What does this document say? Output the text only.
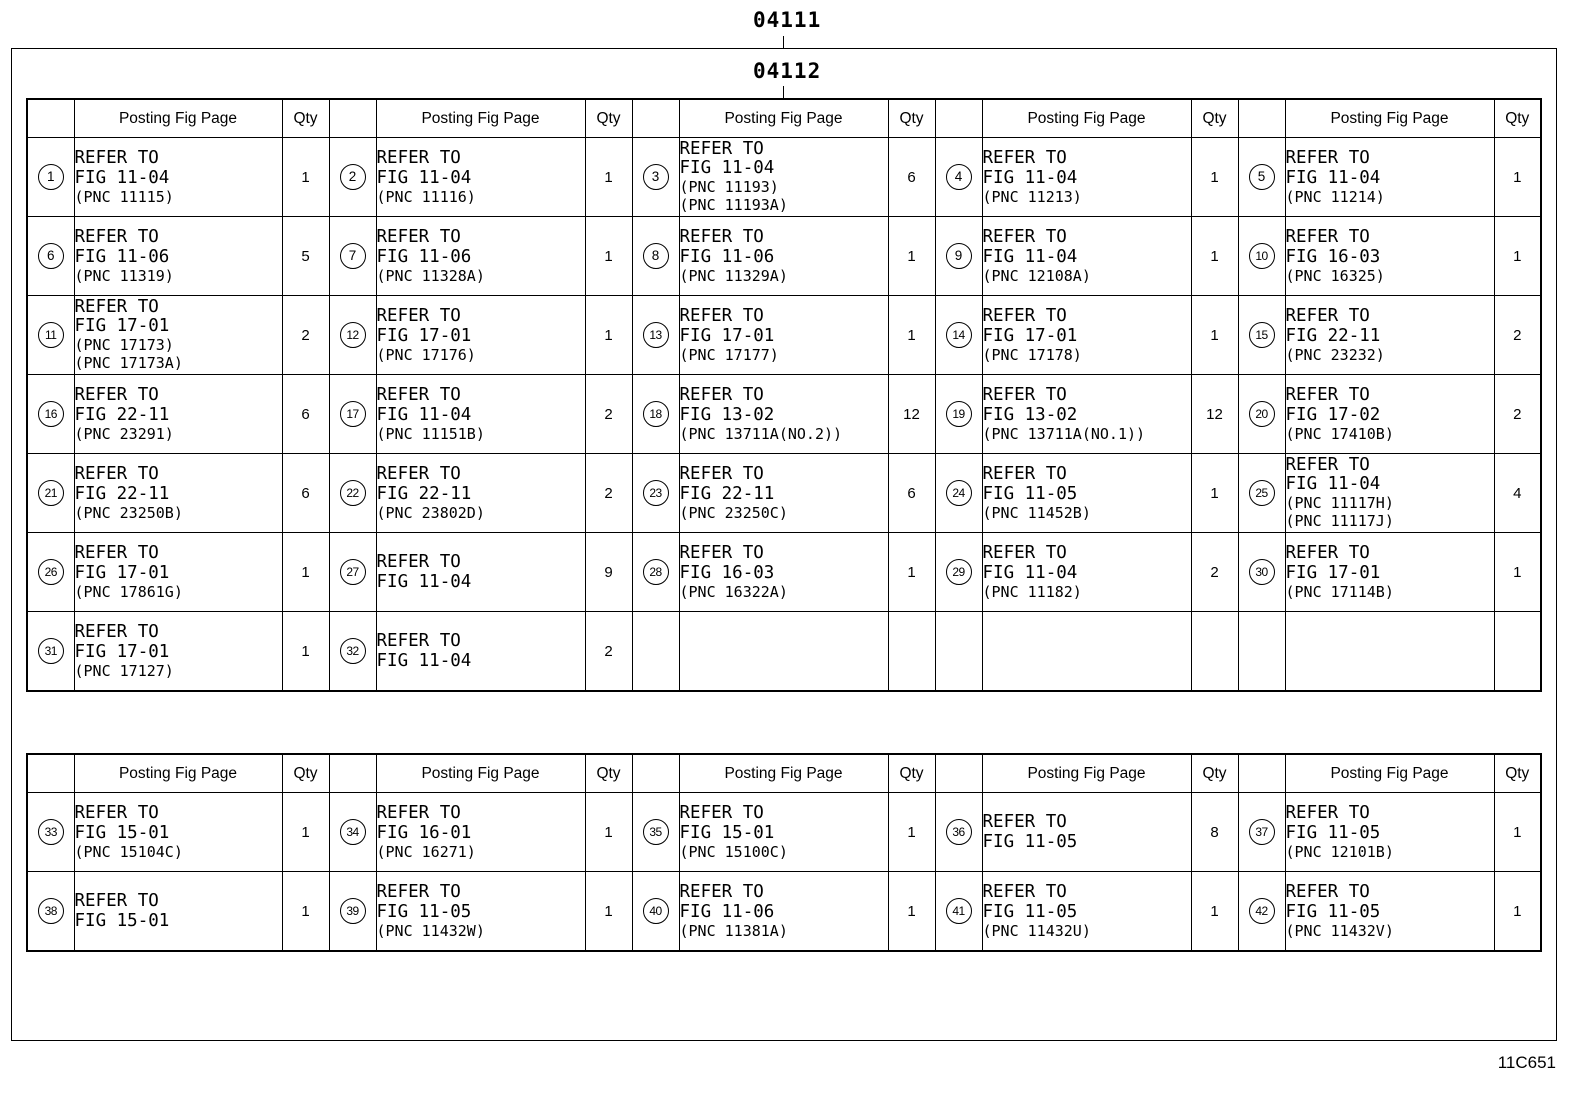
04111
04112
	Posting Fig Page	Qty		Posting Fig Page	Qty		Posting Fig Page	Qty		Posting Fig Page	Qty		Posting Fig Page	Qty
1	REFER TO
FIG 11-04
(PNC 11115)	1	2	REFER TO
FIG 11-04
(PNC 11116)	1	3	REFER TO
FIG 11-04
(PNC 11193)
(PNC 11193A)	6	4	REFER TO
FIG 11-04
(PNC 11213)	1	5	REFER TO
FIG 11-04
(PNC 11214)	1
6	REFER TO
FIG 11-06
(PNC 11319)	5	7	REFER TO
FIG 11-06
(PNC 11328A)	1	8	REFER TO
FIG 11-06
(PNC 11329A)	1	9	REFER TO
FIG 11-04
(PNC 12108A)	1	10	REFER TO
FIG 16-03
(PNC 16325)	1
11	REFER TO
FIG 17-01
(PNC 17173)
(PNC 17173A)	2	12	REFER TO
FIG 17-01
(PNC 17176)	1	13	REFER TO
FIG 17-01
(PNC 17177)	1	14	REFER TO
FIG 17-01
(PNC 17178)	1	15	REFER TO
FIG 22-11
(PNC 23232)	2
16	REFER TO
FIG 22-11
(PNC 23291)	6	17	REFER TO
FIG 11-04
(PNC 11151B)	2	18	REFER TO
FIG 13-02
(PNC 13711A(NO.2))	12	19	REFER TO
FIG 13-02
(PNC 13711A(NO.1))	12	20	REFER TO
FIG 17-02
(PNC 17410B)	2
21	REFER TO
FIG 22-11
(PNC 23250B)	6	22	REFER TO
FIG 22-11
(PNC 23802D)	2	23	REFER TO
FIG 22-11
(PNC 23250C)	6	24	REFER TO
FIG 11-05
(PNC 11452B)	1	25	REFER TO
FIG 11-04
(PNC 11117H)
(PNC 11117J)	4
26	REFER TO
FIG 17-01
(PNC 17861G)	1	27	REFER TO
FIG 11-04	9	28	REFER TO
FIG 16-03
(PNC 16322A)	1	29	REFER TO
FIG 11-04
(PNC 11182)	2	30	REFER TO
FIG 17-01
(PNC 17114B)	1
31	REFER TO
FIG 17-01
(PNC 17127)	1	32	REFER TO
FIG 11-04	2									
	Posting Fig Page	Qty		Posting Fig Page	Qty		Posting Fig Page	Qty		Posting Fig Page	Qty		Posting Fig Page	Qty
33	REFER TO
FIG 15-01
(PNC 15104C)	1	34	REFER TO
FIG 16-01
(PNC 16271)	1	35	REFER TO
FIG 15-01
(PNC 15100C)	1	36	REFER TO
FIG 11-05	8	37	REFER TO
FIG 11-05
(PNC 12101B)	1
38	REFER TO
FIG 15-01	1	39	REFER TO
FIG 11-05
(PNC 11432W)	1	40	REFER TO
FIG 11-06
(PNC 11381A)	1	41	REFER TO
FIG 11-05
(PNC 11432U)	1	42	REFER TO
FIG 11-05
(PNC 11432V)	1
11C651
